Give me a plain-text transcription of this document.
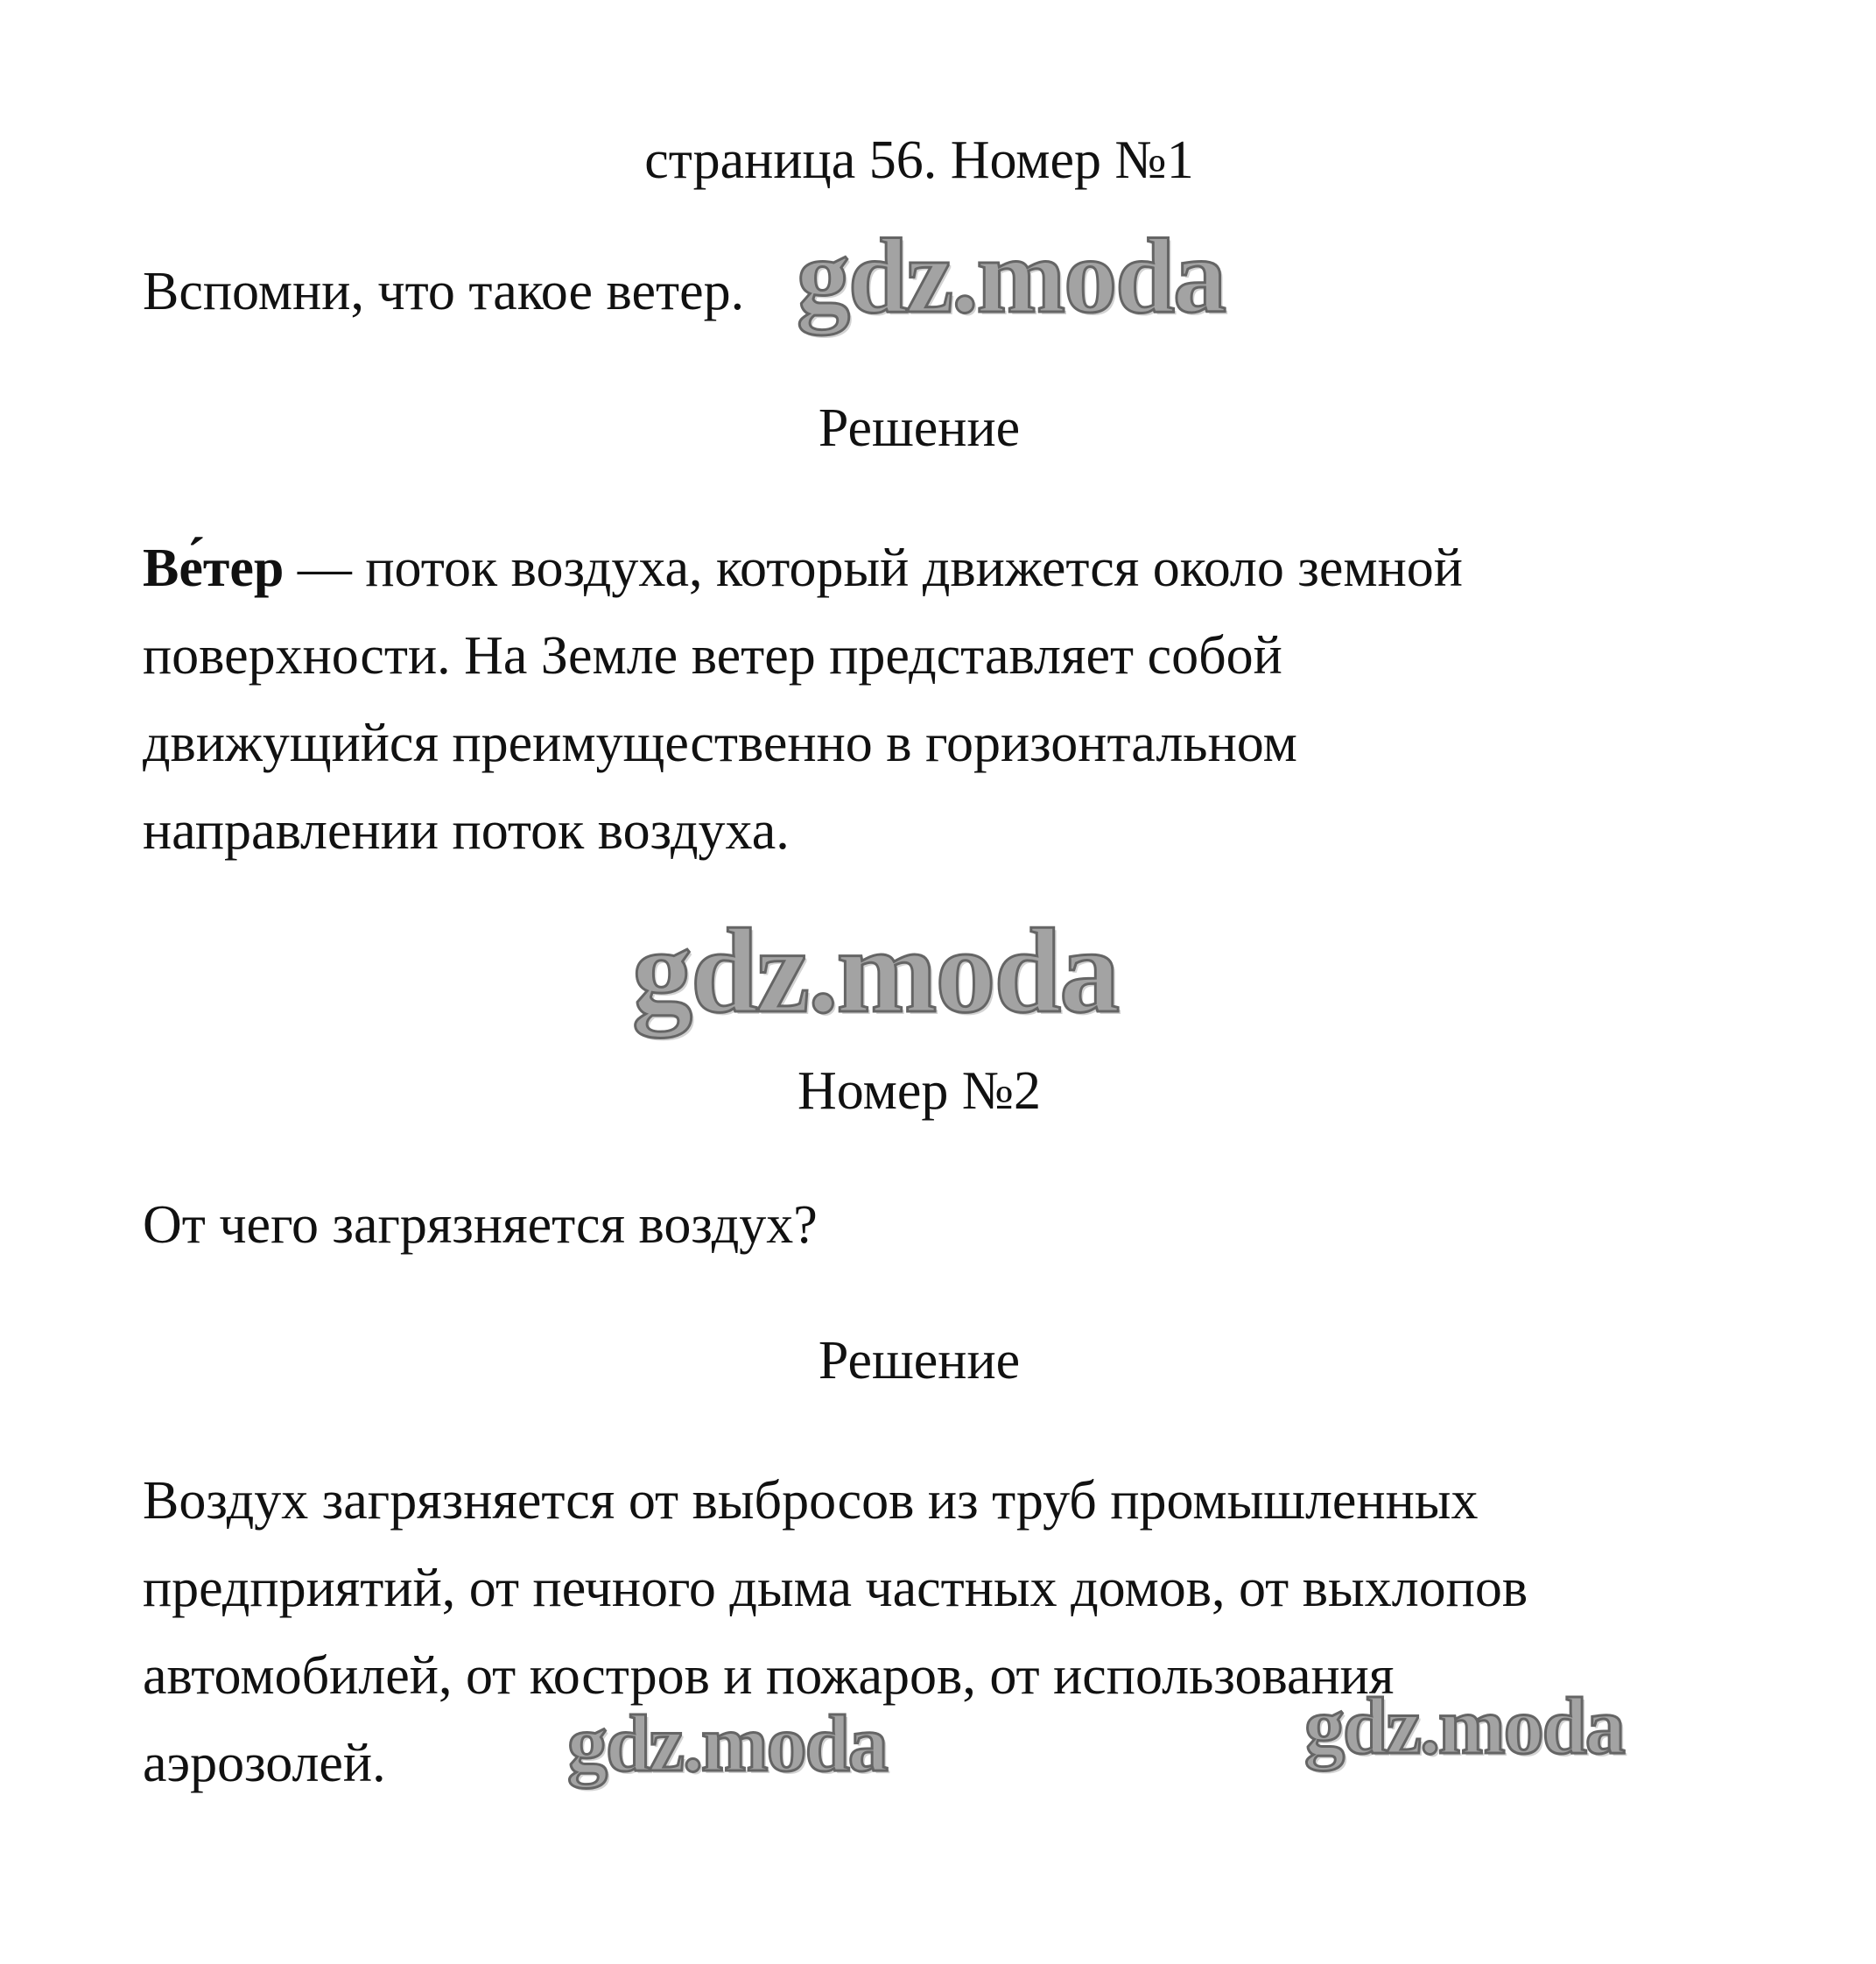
страница 56. Номер №1
Вспомни, что такое ветер.
Решение
Ве́тер — поток воздуха, который движется около земной
поверхности. На Земле ветер представляет собой
движущийся преимущественно в горизонтальном
направлении поток воздуха.
Номер №2
От чего загрязняется воздух?
Решение
Воздух загрязняется от выбросов из труб промышленных
предприятий, от печного дыма частных домов, от выхлопов
автомобилей, от костров и пожаров, от использования
аэрозолей.
gdz.moda
gdz.moda
gdz.moda	gdz.moda
